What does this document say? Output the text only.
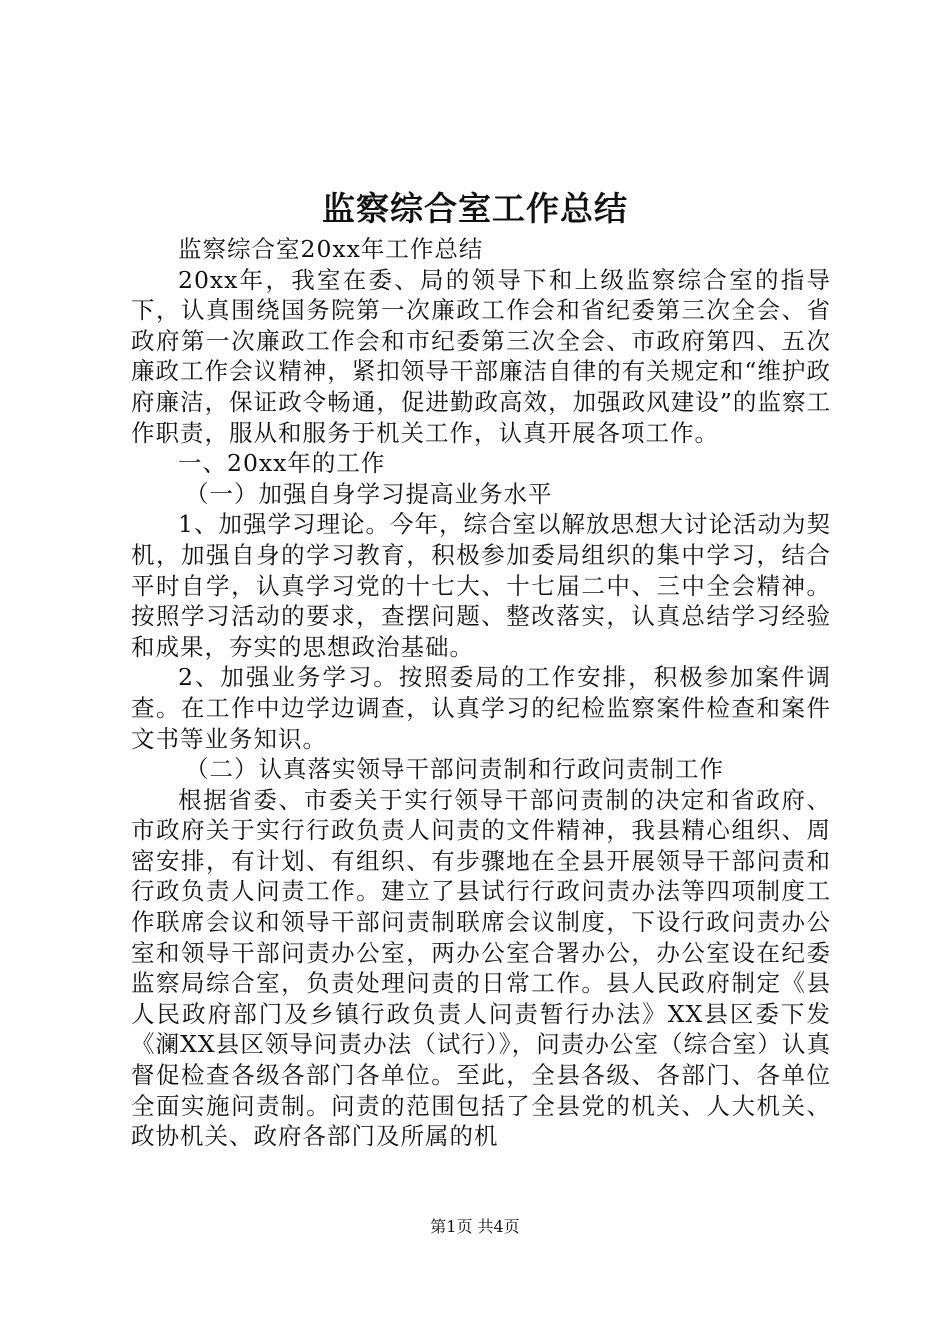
监察综合室工作总结

监察综合室20xx年工作总结

20xx年，我室在委、局的领导下和上级监察综合室的指导下，认真围绕国务院第一次廉政工作会和省纪委第三次全会、省政府第一次廉政工作会和市纪委第三次全会、市政府第四、五次廉政工作会议精神，紧扣领导干部廉洁自律的有关规定和“维护政府廉洁，保证政令畅通，促进勤政高效，加强政风建设”的监察工作职责，服从和服务于机关工作，认真开展各项工作。

一、20xx年的工作

（一）加强自身学习提高业务水平

1、加强学习理论。今年，综合室以解放思想大讨论活动为契机，加强自身的学习教育，积极参加委局组织的集中学习，结合平时自学，认真学习党的十七大、十七届二中、三中全会精神。按照学习活动的要求，查摆问题、整改落实，认真总结学习经验和成果，夯实的思想政治基础。

2、加强业务学习。按照委局的工作安排，积极参加案件调查。在工作中边学边调查，认真学习的纪检监察案件检查和案件文书等业务知识。

（二）认真落实领导干部问责制和行政问责制工作

根据省委、市委关于实行领导干部问责制的决定和省政府、市政府关于实行行政负责人问责的文件精神，我县精心组织、周密安排，有计划、有组织、有步骤地在全县开展领导干部问责和行政负责人问责工作。建立了县试行行政问责办法等四项制度工作联席会议和领导干部问责制联席会议制度，下设行政问责办公室和领导干部问责办公室，两办公室合署办公，办公室设在纪委监察局综合室，负责处理问责的日常工作。县人民政府制定《县人民政府部门及乡镇行政负责人问责暂行办法》XX县区委下发《澜XX县区领导问责办法（试行）》，问责办公室（综合室）认真督促检查各级各部门各单位。至此，全县各级、各部门、各单位全面实施问责制。问责的范围包括了全县党的机关、人大机关、政协机关、政府各部门及所属的机

第1页 共4页
